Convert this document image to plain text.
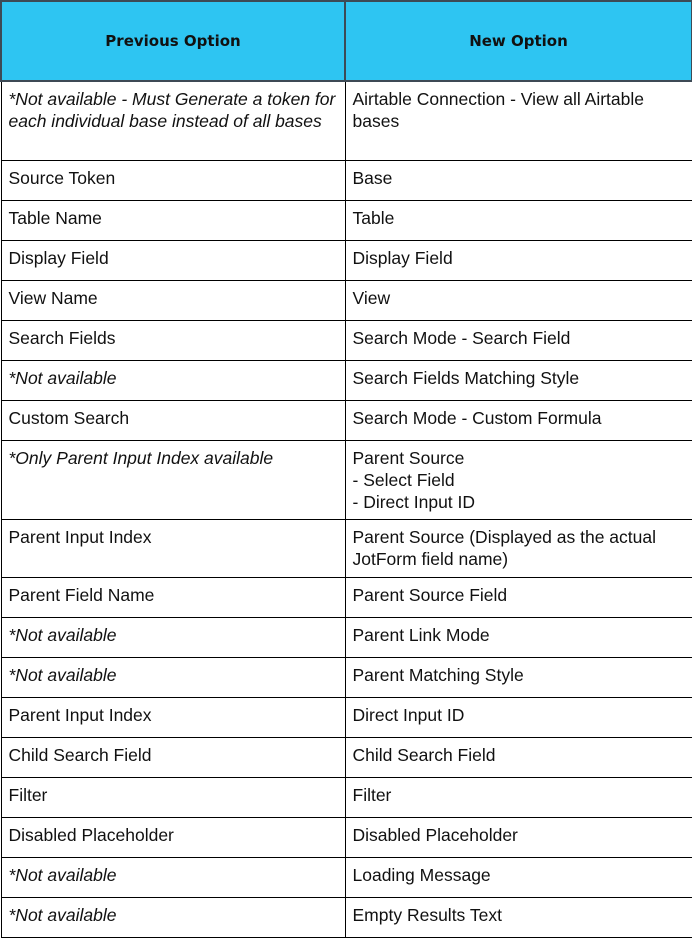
Previous Option	New Option
*Not available - Must Generate a token for each individual base instead of all bases	Airtable Connection - View all Airtable bases

Source Token	Base

Table Name	Table

Display Field	Display Field

View Name	View

Search Fields	Search Mode - Search Field

*Not available	Search Fields Matching Style

Custom Search	Search Mode - Custom Formula

*Only Parent Input Index available	Parent Source
- Select Field
- Direct Input ID

Parent Input Index	Parent Source (Displayed as the actual JotForm field name)

Parent Field Name	Parent Source Field

*Not available	Parent Link Mode

*Not available	Parent Matching Style

Parent Input Index	Direct Input ID

Child Search Field	Child Search Field

Filter	Filter

Disabled Placeholder	Disabled Placeholder

*Not available	Loading Message

*Not available	Empty Results Text
